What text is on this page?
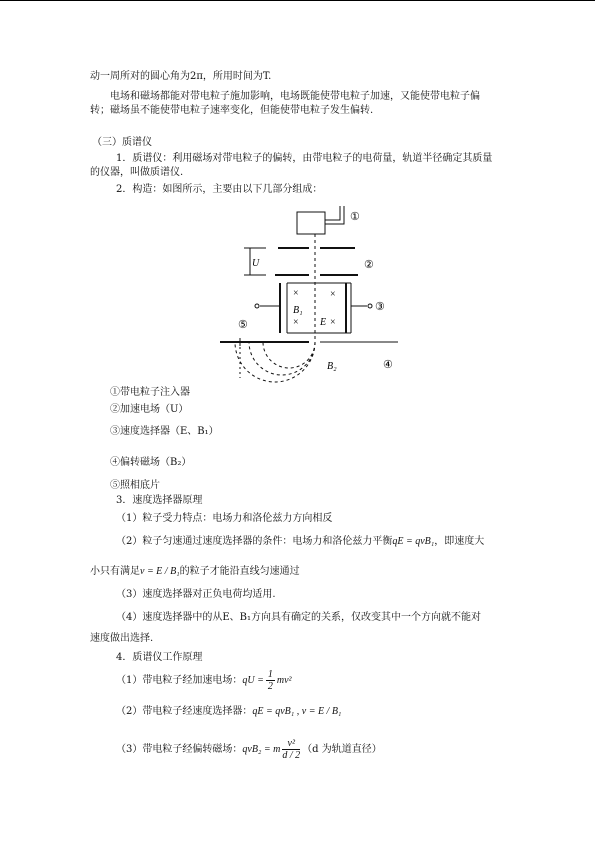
动一周所对的圆心角为2π，所用时间为T.
电场和磁场都能对带电粒子施加影响，电场既能使带电粒子加速，又能使带电粒子偏
转；磁场虽不能使带电粒子速率变化，但能使带电粒子发生偏转.
（三）质谱仪
1．质谱仪：利用磁场对带电粒子的偏转，由带电粒子的电荷量，轨道半径确定其质量
的仪器，叫做质谱仪.
2．构造：如图所示，主要由以下几部分组成：
①
②
③
④
⑤
U
×	×
×	×
B₁
E
B₂
①带电粒子注入器
②加速电场（U）
③速度选择器（E、B₁）
④偏转磁场（B₂）
⑤照相底片
3．速度选择器原理
（1）粒子受力特点：电场力和洛伦兹力方向相反
（2）粒子匀速通过速度选择器的条件：电场力和洛伦兹力平衡qE = qvB₁，即速度大
小只有满足v = E / B₁的粒子才能沿直线匀速通过
（3）速度选择器对正负电荷均适用.
（4）速度选择器中的从E、B₁方向具有确定的关系，仅改变其中一个方向就不能对
速度做出选择.
4．质谱仪工作原理
（1）带电粒子经加速电场：qU = $\frac{1}{2} mv^2$
（2）带电粒子经速度选择器：qE = qvB₁ , v = E / B₁
（3）带电粒子经偏转磁场：qvB₂ = m $\frac{\text{v²}}{d / 2} (d$ 为轨道直径）
